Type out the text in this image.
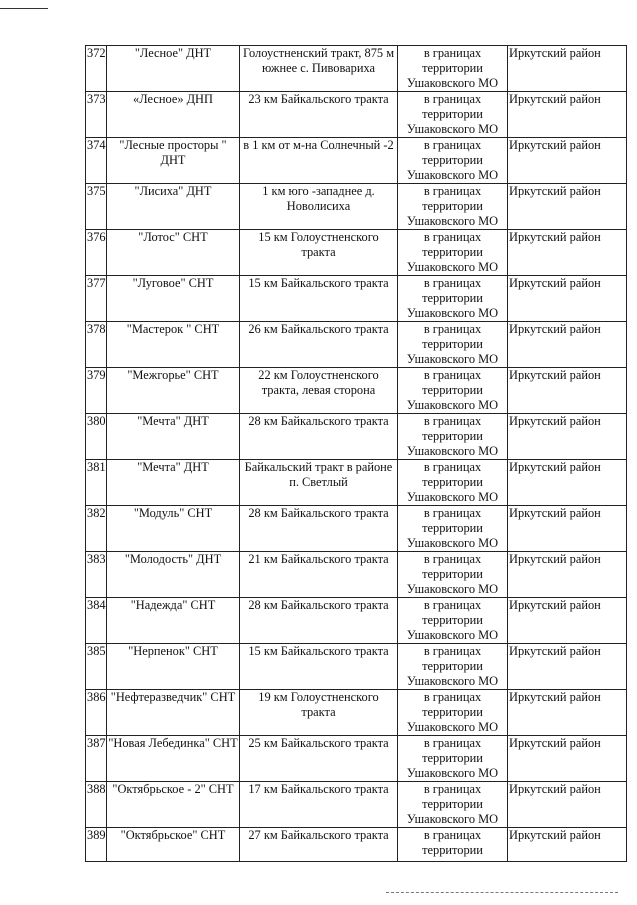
372	"Лесное" ДНТ	Голоустненский тракт, 875 м южнее с. Пивовариха	в границах территории Ушаковского МО	Иркутский район
373	«Лесное» ДНП	23 км Байкальского тракта	в границах территории Ушаковского МО	Иркутский район
374	"Лесные просторы " ДНТ	в 1 км от м-на Солнечный -2	в границах территории Ушаковского МО	Иркутский район
375	"Лисиха" ДНТ	1 км юго -западнее д. Новолисиха	в границах территории Ушаковского МО	Иркутский район
376	"Лотос" СНТ	15 км Голоустненского тракта	в границах территории Ушаковского МО	Иркутский район
377	"Луговое" СНТ	15 км Байкальского тракта	в границах территории Ушаковского МО	Иркутский район
378	"Мастерок " СНТ	26 км Байкальского тракта	в границах территории Ушаковского МО	Иркутский район
379	"Межгорье" СНТ	22 км Голоустненского тракта, левая сторона	в границах территории Ушаковского МО	Иркутский район
380	"Мечта" ДНТ	28 км Байкальского тракта	в границах территории Ушаковского МО	Иркутский район
381	"Мечта" ДНТ	Байкальский тракт в районе п. Светлый	в границах территории Ушаковского МО	Иркутский район
382	"Модуль" СНТ	28 км Байкальского тракта	в границах территории Ушаковского МО	Иркутский район
383	"Молодость" ДНТ	21 км Байкальского тракта	в границах территории Ушаковского МО	Иркутский район
384	"Надежда" СНТ	28 км Байкальского тракта	в границах территории Ушаковского МО	Иркутский район
385	"Нерпенок" СНТ	15 км Байкальского тракта	в границах территории Ушаковского МО	Иркутский район
386	"Нефтеразведчик" СНТ	19 км Голоустненского тракта	в границах территории Ушаковского МО	Иркутский район
387	"Новая Лебединка" СНТ	25 км Байкальского тракта	в границах территории Ушаковского МО	Иркутский район
388	"Октябрьское - 2" СНТ	17 км Байкальского тракта	в границах территории Ушаковского МО	Иркутский район
389	"Октябрьское" СНТ	27 км Байкальского тракта	в границах территории	Иркутский район
